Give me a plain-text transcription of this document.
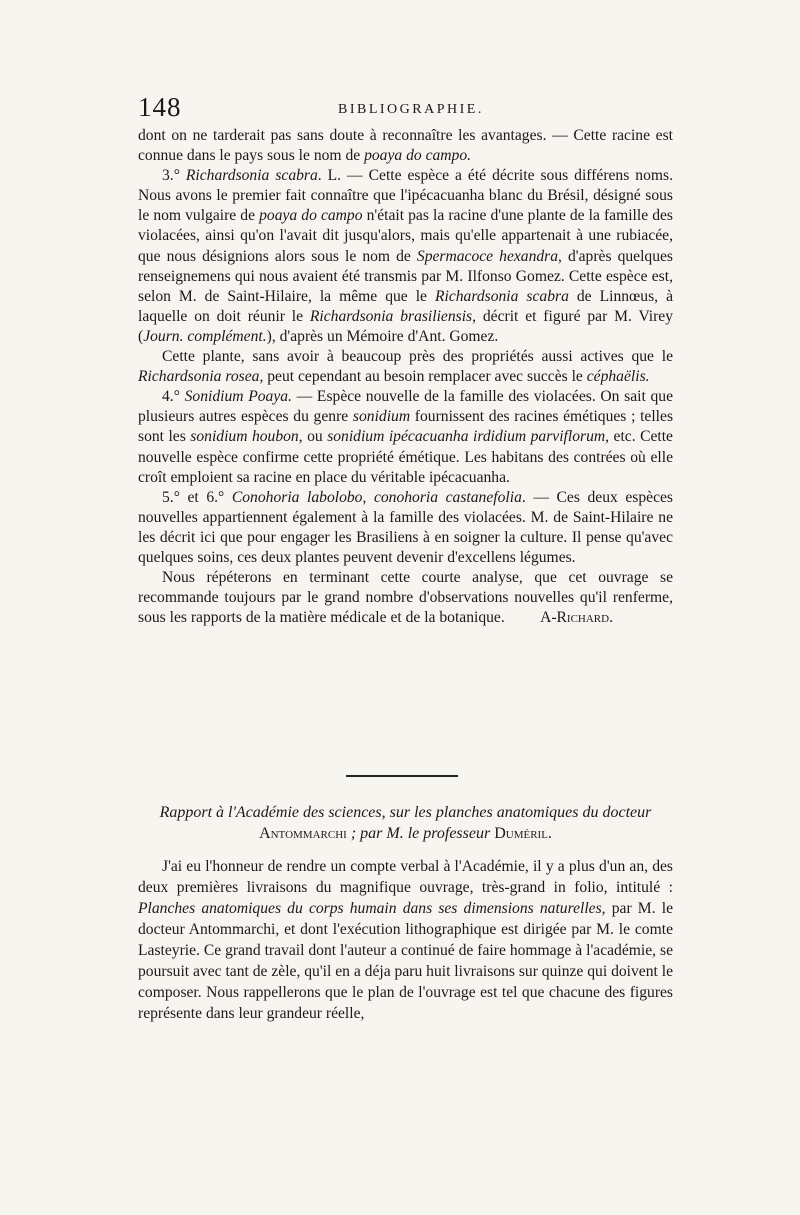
148	BIBLIOGRAPHIE.

dont on ne tarderait pas sans doute à reconnaître les avantages. — Cette racine est connue dans le pays sous le nom de poaya do campo.

3.° Richardsonia scabra. L. — Cette espèce a été décrite sous différens noms. Nous avons le premier fait connaître que l'ipécacuanha blanc du Brésil, désigné sous le nom vulgaire de poaya do campo n'était pas la racine d'une plante de la famille des violacées, ainsi qu'on l'avait dit jusqu'alors, mais qu'elle appartenait à une rubiacée, que nous désignions alors sous le nom de Spermacoce hexandra, d'après quelques renseignemens qui nous avaient été transmis par M. Ilfonso Gomez. Cette espèce est, selon M. de Saint-Hilaire, la même que le Richardsonia scabra de Linnœus, à laquelle on doit réunir le Richardsonia brasiliensis, décrit et figuré par M. Virey (Journ. complément.), d'après un Mémoire d'Ant. Gomez.

Cette plante, sans avoir à beaucoup près des propriétés aussi actives que le Richardsonia rosea, peut cependant au besoin remplacer avec succès le céphaëlis.

4.° Sonidium Poaya. — Espèce nouvelle de la famille des violacées. On sait que plusieurs autres espèces du genre sonidium fournissent des racines émétiques ; telles sont les sonidium houbon, ou sonidium ipécacuanha irdidium parviflorum, etc. Cette nouvelle espèce confirme cette propriété émétique. Les habitans des contrées où elle croît emploient sa racine en place du véritable ipécacuanha.

5.° et 6.° Conohoria labolobo, conohoria castanefolia. — Ces deux espèces nouvelles appartiennent également à la famille des violacées. M. de Saint-Hilaire ne les décrit ici que pour engager les Brasiliens à en soigner la culture. Il pense qu'avec quelques soins, ces deux plantes peuvent devenir d'excellens légumes.

Nous répéterons en terminant cette courte analyse, que cet ouvrage se recommande toujours par le grand nombre d'observations nouvelles qu'il renferme, sous les rapports de la matière médicale et de la botanique.	A-Richard.
Rapport à l'Académie des sciences, sur les planches anatomiques du docteur Antommarchi ; par M. le professeur Duméril.

J'ai eu l'honneur de rendre un compte verbal à l'Académie, il y a plus d'un an, des deux premières livraisons du magnifique ouvrage, très-grand in folio, intitulé : Planches anatomiques du corps humain dans ses dimensions naturelles, par M. le docteur Antommarchi, et dont l'exécution lithographique est dirigée par M. le comte Lasteyrie. Ce grand travail dont l'auteur a continué de faire hommage à l'académie, se poursuit avec tant de zèle, qu'il en a déja paru huit livraisons sur quinze qui doivent le composer. Nous rappellerons que le plan de l'ouvrage est tel que chacune des figures représente dans leur grandeur réelle,
